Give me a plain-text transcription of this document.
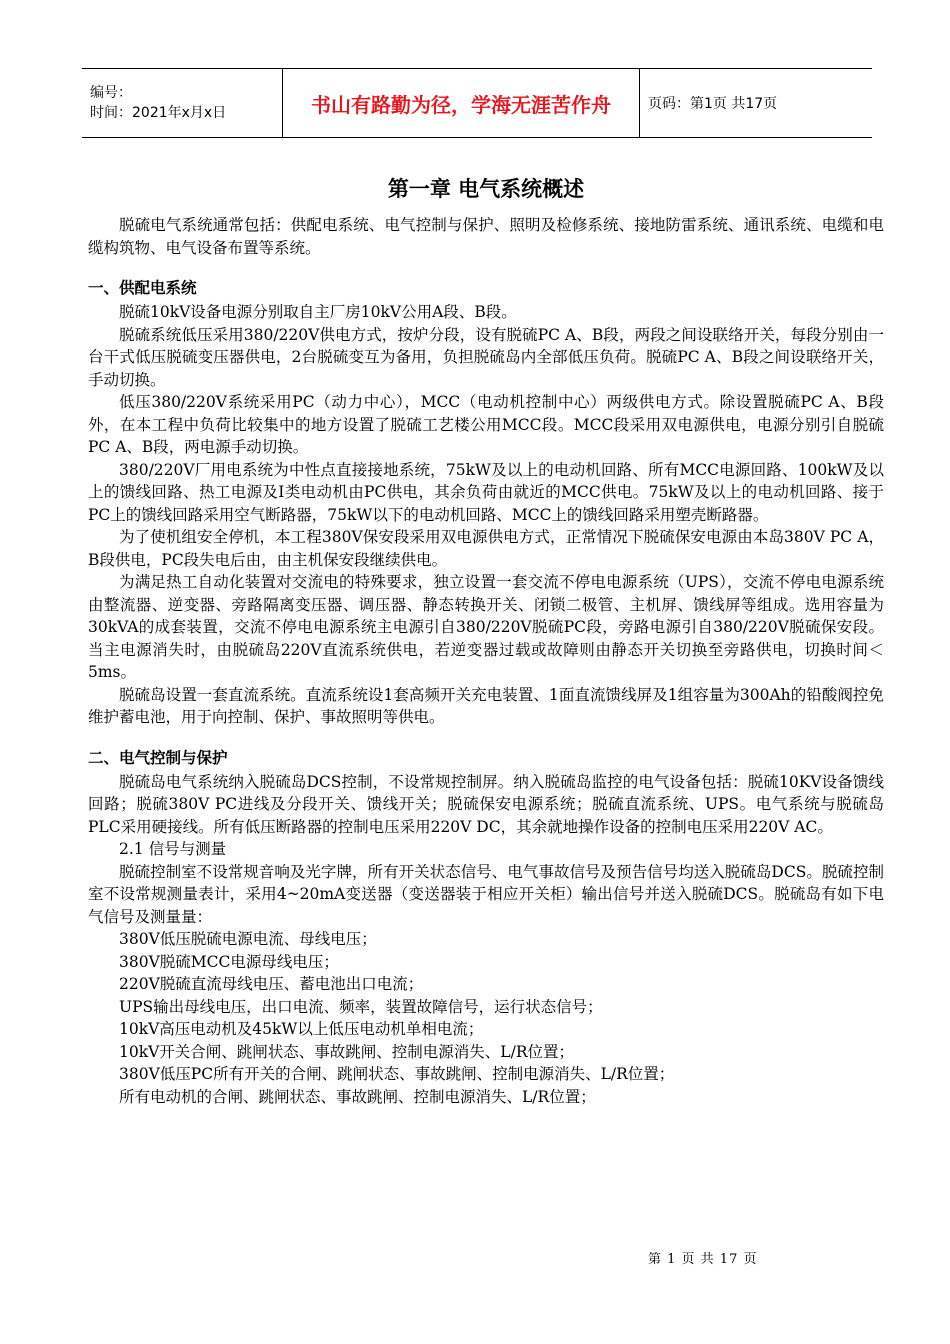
编号：
时间：2021年x月x日	书山有路勤为径，学海无涯苦作舟	页码：第1页 共17页
第一章 电气系统概述

脱硫电气系统通常包括：供配电系统、电气控制与保护、照明及检修系统、接地防雷系统、通讯系统、电缆和电缆构筑物、电气设备布置等系统。

一、供配电系统

脱硫10kV设备电源分别取自主厂房10kV公用A段、B段。

脱硫系统低压采用380/220V供电方式，按炉分段，设有脱硫PC A、B段，两段之间设联络开关，每段分别由一台干式低压脱硫变压器供电，2台脱硫变互为备用，负担脱硫岛内全部低压负荷。脱硫PC A、B段之间设联络开关，手动切换。

低压380/220V系统采用PC（动力中心），MCC（电动机控制中心）两级供电方式。除设置脱硫PC A、B段外，在本工程中负荷比较集中的地方设置了脱硫工艺楼公用MCC段。MCC段采用双电源供电，电源分别引自脱硫PC A、B段，两电源手动切换。

380/220V厂用电系统为中性点直接接地系统，75kW及以上的电动机回路、所有MCC电源回路、100kW及以上的馈线回路、热工电源及I类电动机由PC供电，其余负荷由就近的MCC供电。75kW及以上的电动机回路、接于PC上的馈线回路采用空气断路器，75kW以下的电动机回路、MCC上的馈线回路采用塑壳断路器。

为了使机组安全停机，本工程380V保安段采用双电源供电方式，正常情况下脱硫保安电源由本岛380V PC A，B段供电，PC段失电后由，由主机保安段继续供电。

为满足热工自动化装置对交流电的特殊要求，独立设置一套交流不停电电源系统（UPS），交流不停电电源系统由整流器、逆变器、旁路隔离变压器、调压器、静态转换开关、闭锁二极管、主机屏、馈线屏等组成。选用容量为30kVA的成套装置，交流不停电电源系统主电源引自380/220V脱硫PC段，旁路电源引自380/220V脱硫保安段。当主电源消失时，由脱硫岛220V直流系统供电，若逆变器过载或故障则由静态开关切换至旁路供电，切换时间＜5ms。

脱硫岛设置一套直流系统。直流系统设1套高频开关充电装置、1面直流馈线屏及1组容量为300Ah的铅酸阀控免维护蓄电池，用于向控制、保护、事故照明等供电。

二、电气控制与保护

脱硫岛电气系统纳入脱硫岛DCS控制，不设常规控制屏。纳入脱硫岛监控的电气设备包括：脱硫10KV设备馈线回路；脱硫380V PC进线及分段开关、馈线开关；脱硫保安电源系统；脱硫直流系统、UPS。电气系统与脱硫岛PLC采用硬接线。所有低压断路器的控制电压采用220V DC，其余就地操作设备的控制电压采用220V AC。

2.1 信号与测量

脱硫控制室不设常规音响及光字牌，所有开关状态信号、电气事故信号及预告信号均送入脱硫岛DCS。脱硫控制室不设常规测量表计，采用4~20mA变送器（变送器装于相应开关柜）输出信号并送入脱硫DCS。脱硫岛有如下电气信号及测量量：

380V低压脱硫电源电流、母线电压；

380V脱硫MCC电源母线电压；

220V脱硫直流母线电压、蓄电池出口电流；

UPS输出母线电压，出口电流、频率，装置故障信号，运行状态信号；

10kV高压电动机及45kW以上低压电动机单相电流；

10kV开关合闸、跳闸状态、事故跳闸、控制电源消失、L/R位置；

380V低压PC所有开关的合闸、跳闸状态、事故跳闸、控制电源消失、L/R位置；

所有电动机的合闸、跳闸状态、事故跳闸、控制电源消失、L/R位置；

第 1 页 共 17 页
